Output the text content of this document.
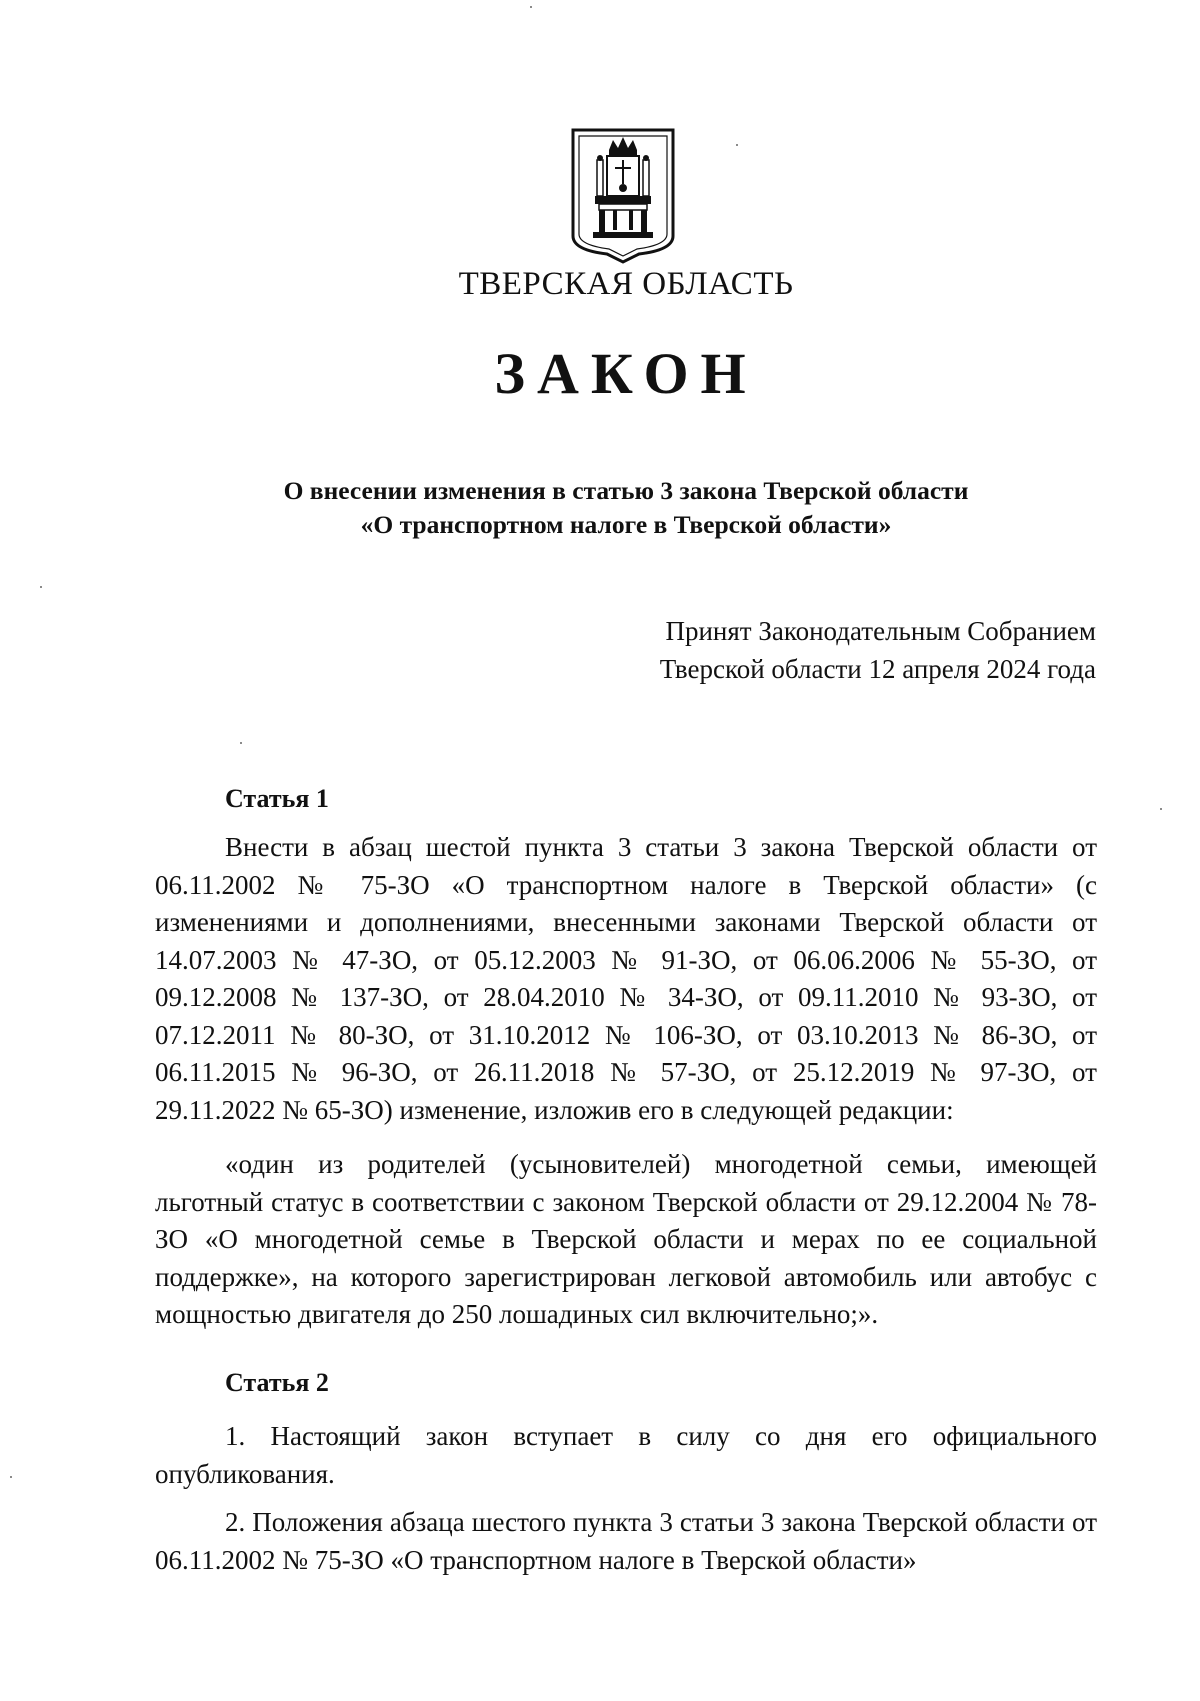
ТВЕРСКАЯ ОБЛАСТЬ
ЗАКОН
О внесении изменения в статью 3 закона Тверской области
«О транспортном налоге в Тверской области»
Принят Законодательным Собранием
Тверской области 12 апреля 2024 года
Статья 1

Внести в абзац шестой пункта 3 статьи 3 закона Тверской области от 06.11.2002 № 75-ЗО «О транспортном налоге в Тверской области» (с изменениями и дополнениями, внесенными законами Тверской области от 14.07.2003 № 47-ЗО, от 05.12.2003 № 91-ЗО, от 06.06.2006 № 55-ЗО, от 09.12.2008 № 137-ЗО, от 28.04.2010 № 34-ЗО, от 09.11.2010 № 93-ЗО, от 07.12.2011 № 80-ЗО, от 31.10.2012 № 106-ЗО, от 03.10.2013 № 86-ЗО, от 06.11.2015 № 96-ЗО, от 26.11.2018 № 57-ЗО, от 25.12.2019 № 97-ЗО, от 29.11.2022 № 65-ЗО) изменение, изложив его в следующей редакции:

«один из родителей (усыновителей) многодетной семьи, имеющей льготный статус в соответствии с законом Тверской области от 29.12.2004 № 78-ЗО «О многодетной семье в Тверской области и мерах по ее социальной поддержке», на которого зарегистрирован легковой автомобиль или автобус с мощностью двигателя до 250 лошадиных сил включительно;».

Статья 2

1. Настоящий закон вступает в силу со дня его официального опубликования.

2. Положения абзаца шестого пункта 3 статьи 3 закона Тверской области от 06.11.2002 № 75-ЗО «О транспортном налоге в Тверской области»
